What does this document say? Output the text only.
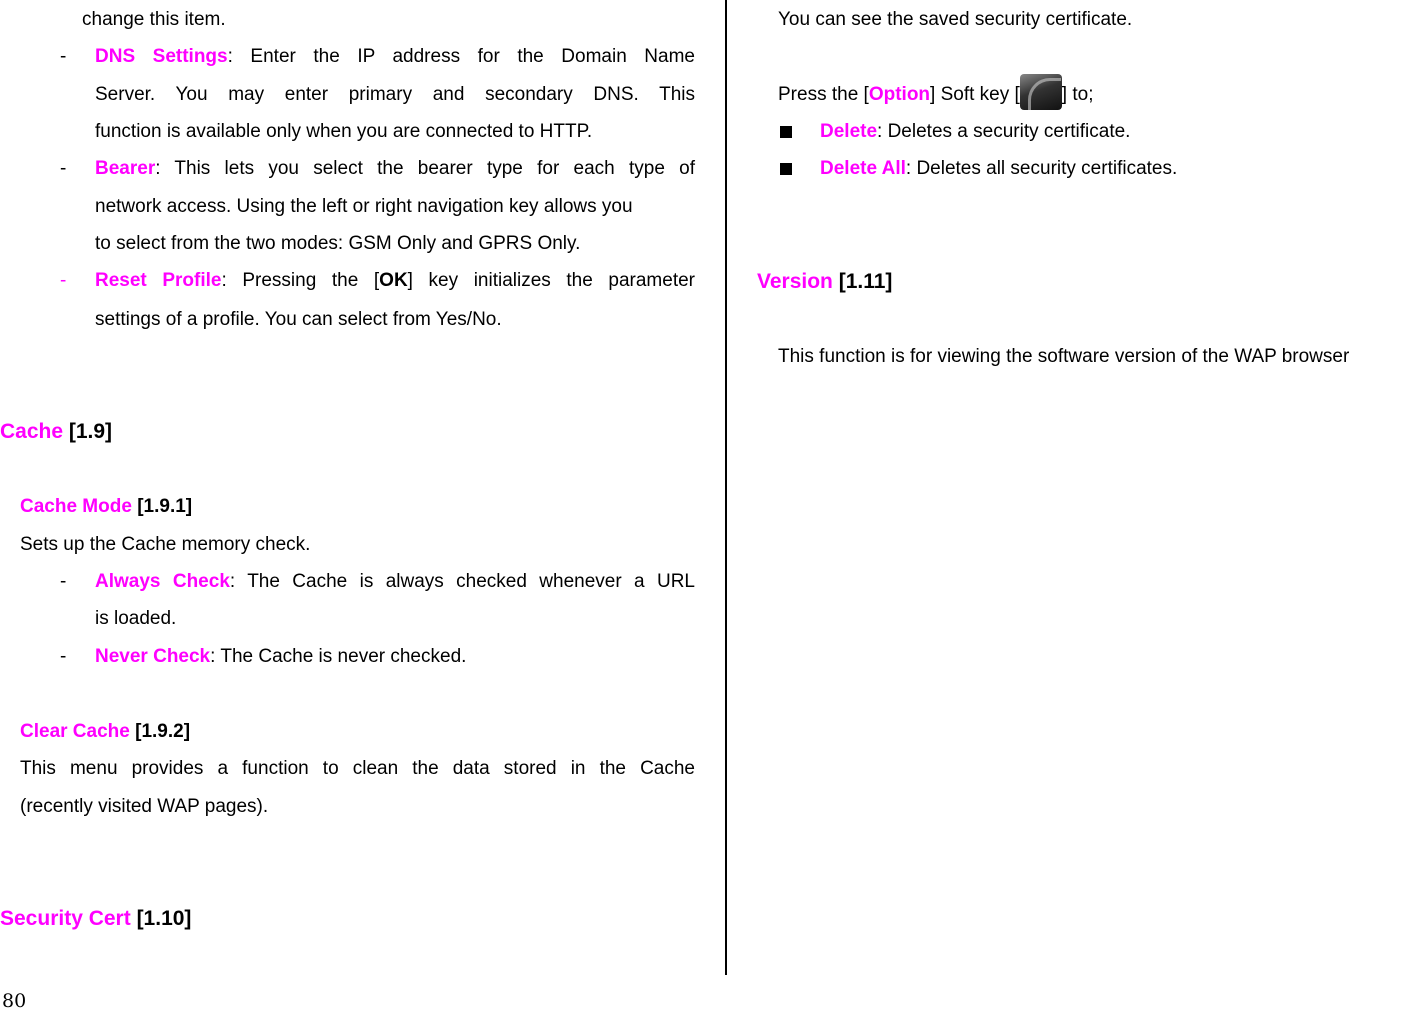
change this item.
-	DNS Settings: Enter the IP address for the Domain Name
Server. You may enter primary and secondary DNS. This
function is available only when you are connected to HTTP.
-	Bearer: This lets you select the bearer type for each type of
network access. Using the left or right navigation key allows you
to select from the two modes: GSM Only and GPRS Only.
-	Reset Profile: Pressing the [OK] key initializes the parameter
settings of a profile. You can select from Yes/No.
Cache [1.9]
Cache Mode [1.9.1]
Sets up the Cache memory check.
-	Always Check: The Cache is always checked whenever a URL
is loaded.
-	Never Check: The Cache is never checked.
Clear Cache [1.9.2]
This menu provides a function to clean the data stored in the Cache
(recently visited WAP pages).
Security Cert [1.10]
You can see the saved security certificate.
Press the [Option] Soft key [ ] to;
Delete: Deletes a security certificate.
Delete All: Deletes all security certificates.
Version [1.11]
This function is for viewing the software version of the WAP browser
80
